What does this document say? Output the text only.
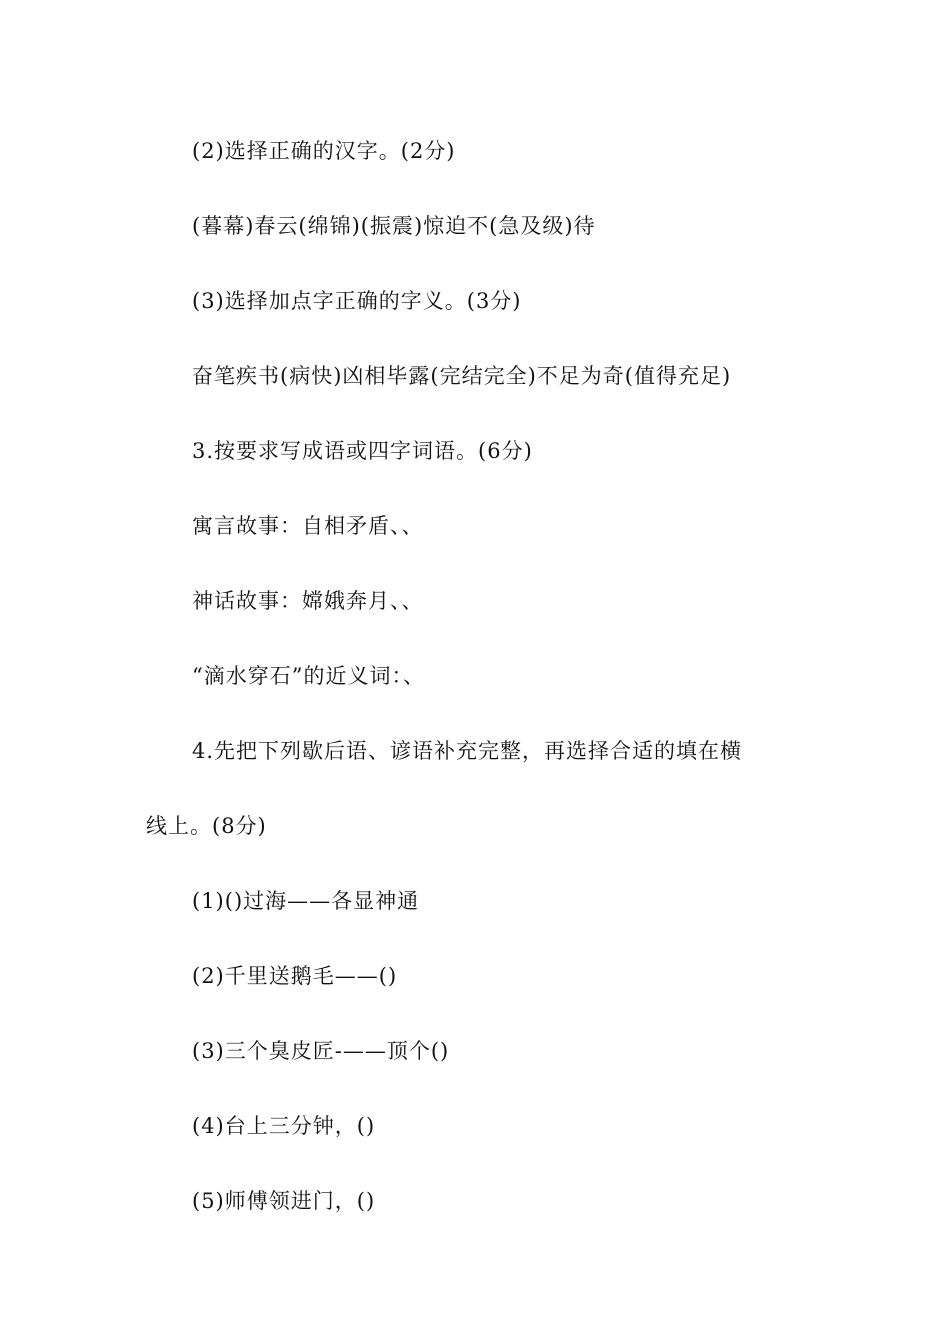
(2)选择正确的汉字。(2分)
(暮幕)春云(绵锦)(振震)惊迫不(急及级)待
(3)选择加点字正确的字义。(3分)
奋笔疾书(病快)凶相毕露(完结完全)不足为奇(值得充足)
3.按要求写成语或四字词语。(6分)
寓言故事：自相矛盾、、
神话故事：嫦娥奔月、、
“滴水穿石”的近义词：、
4.先把下列歇后语、谚语补充完整，再选择合适的填在横
线上。(8分)
(1)()过海——各显神通
(2)千里送鹅毛——()
(3)三个臭皮匠-——顶个()
(4)台上三分钟，()
(5)师傅领进门，()
